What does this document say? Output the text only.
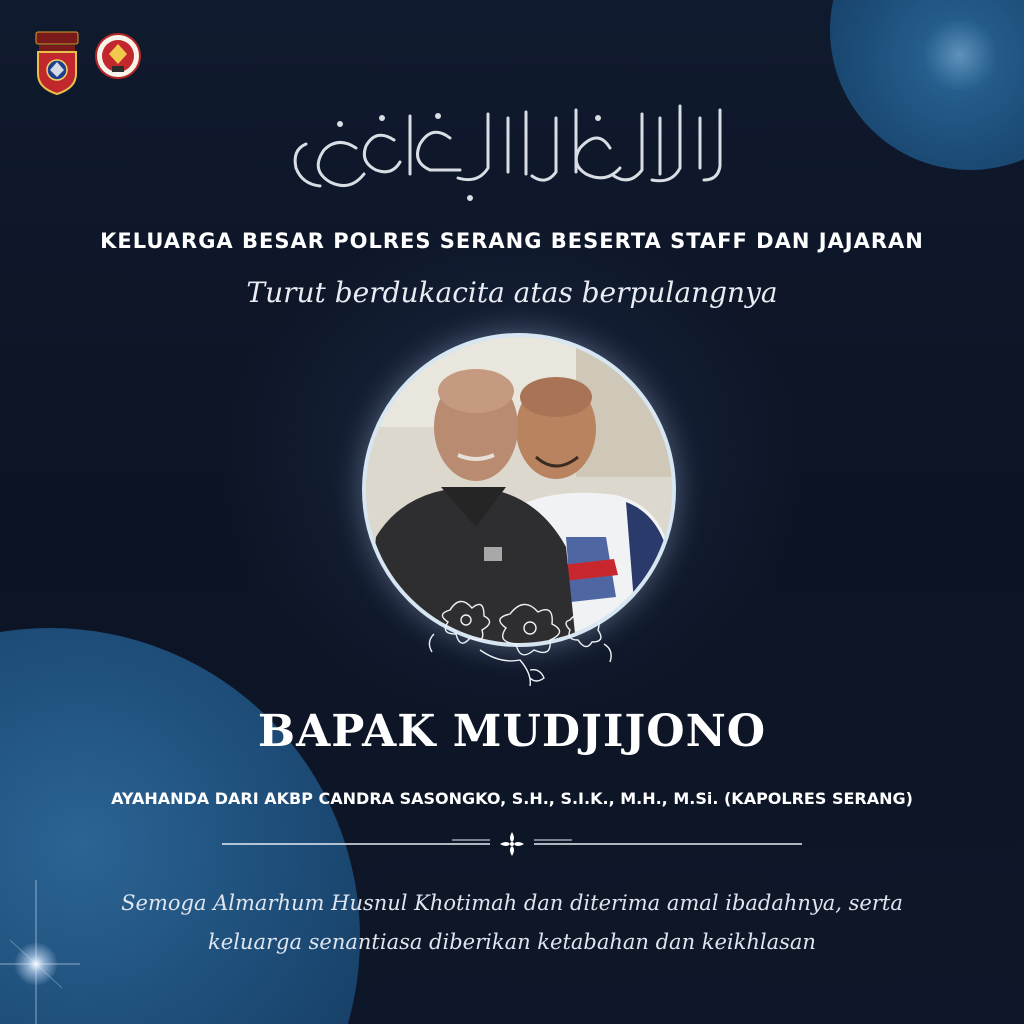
KELUARGA BESAR POLRES SERANG BESERTA STAFF DAN JAJARAN
Turut berdukacita atas berpulangnya
BAPAK MUDJIJONO
AYAHANDA DARI AKBP CANDRA SASONGKO, S.H., S.I.K., M.H., M.Si. (KAPOLRES SERANG)
Semoga Almarhum Husnul Khotimah dan diterima amal ibadahnya, serta
keluarga senantiasa diberikan ketabahan dan keikhlasan
